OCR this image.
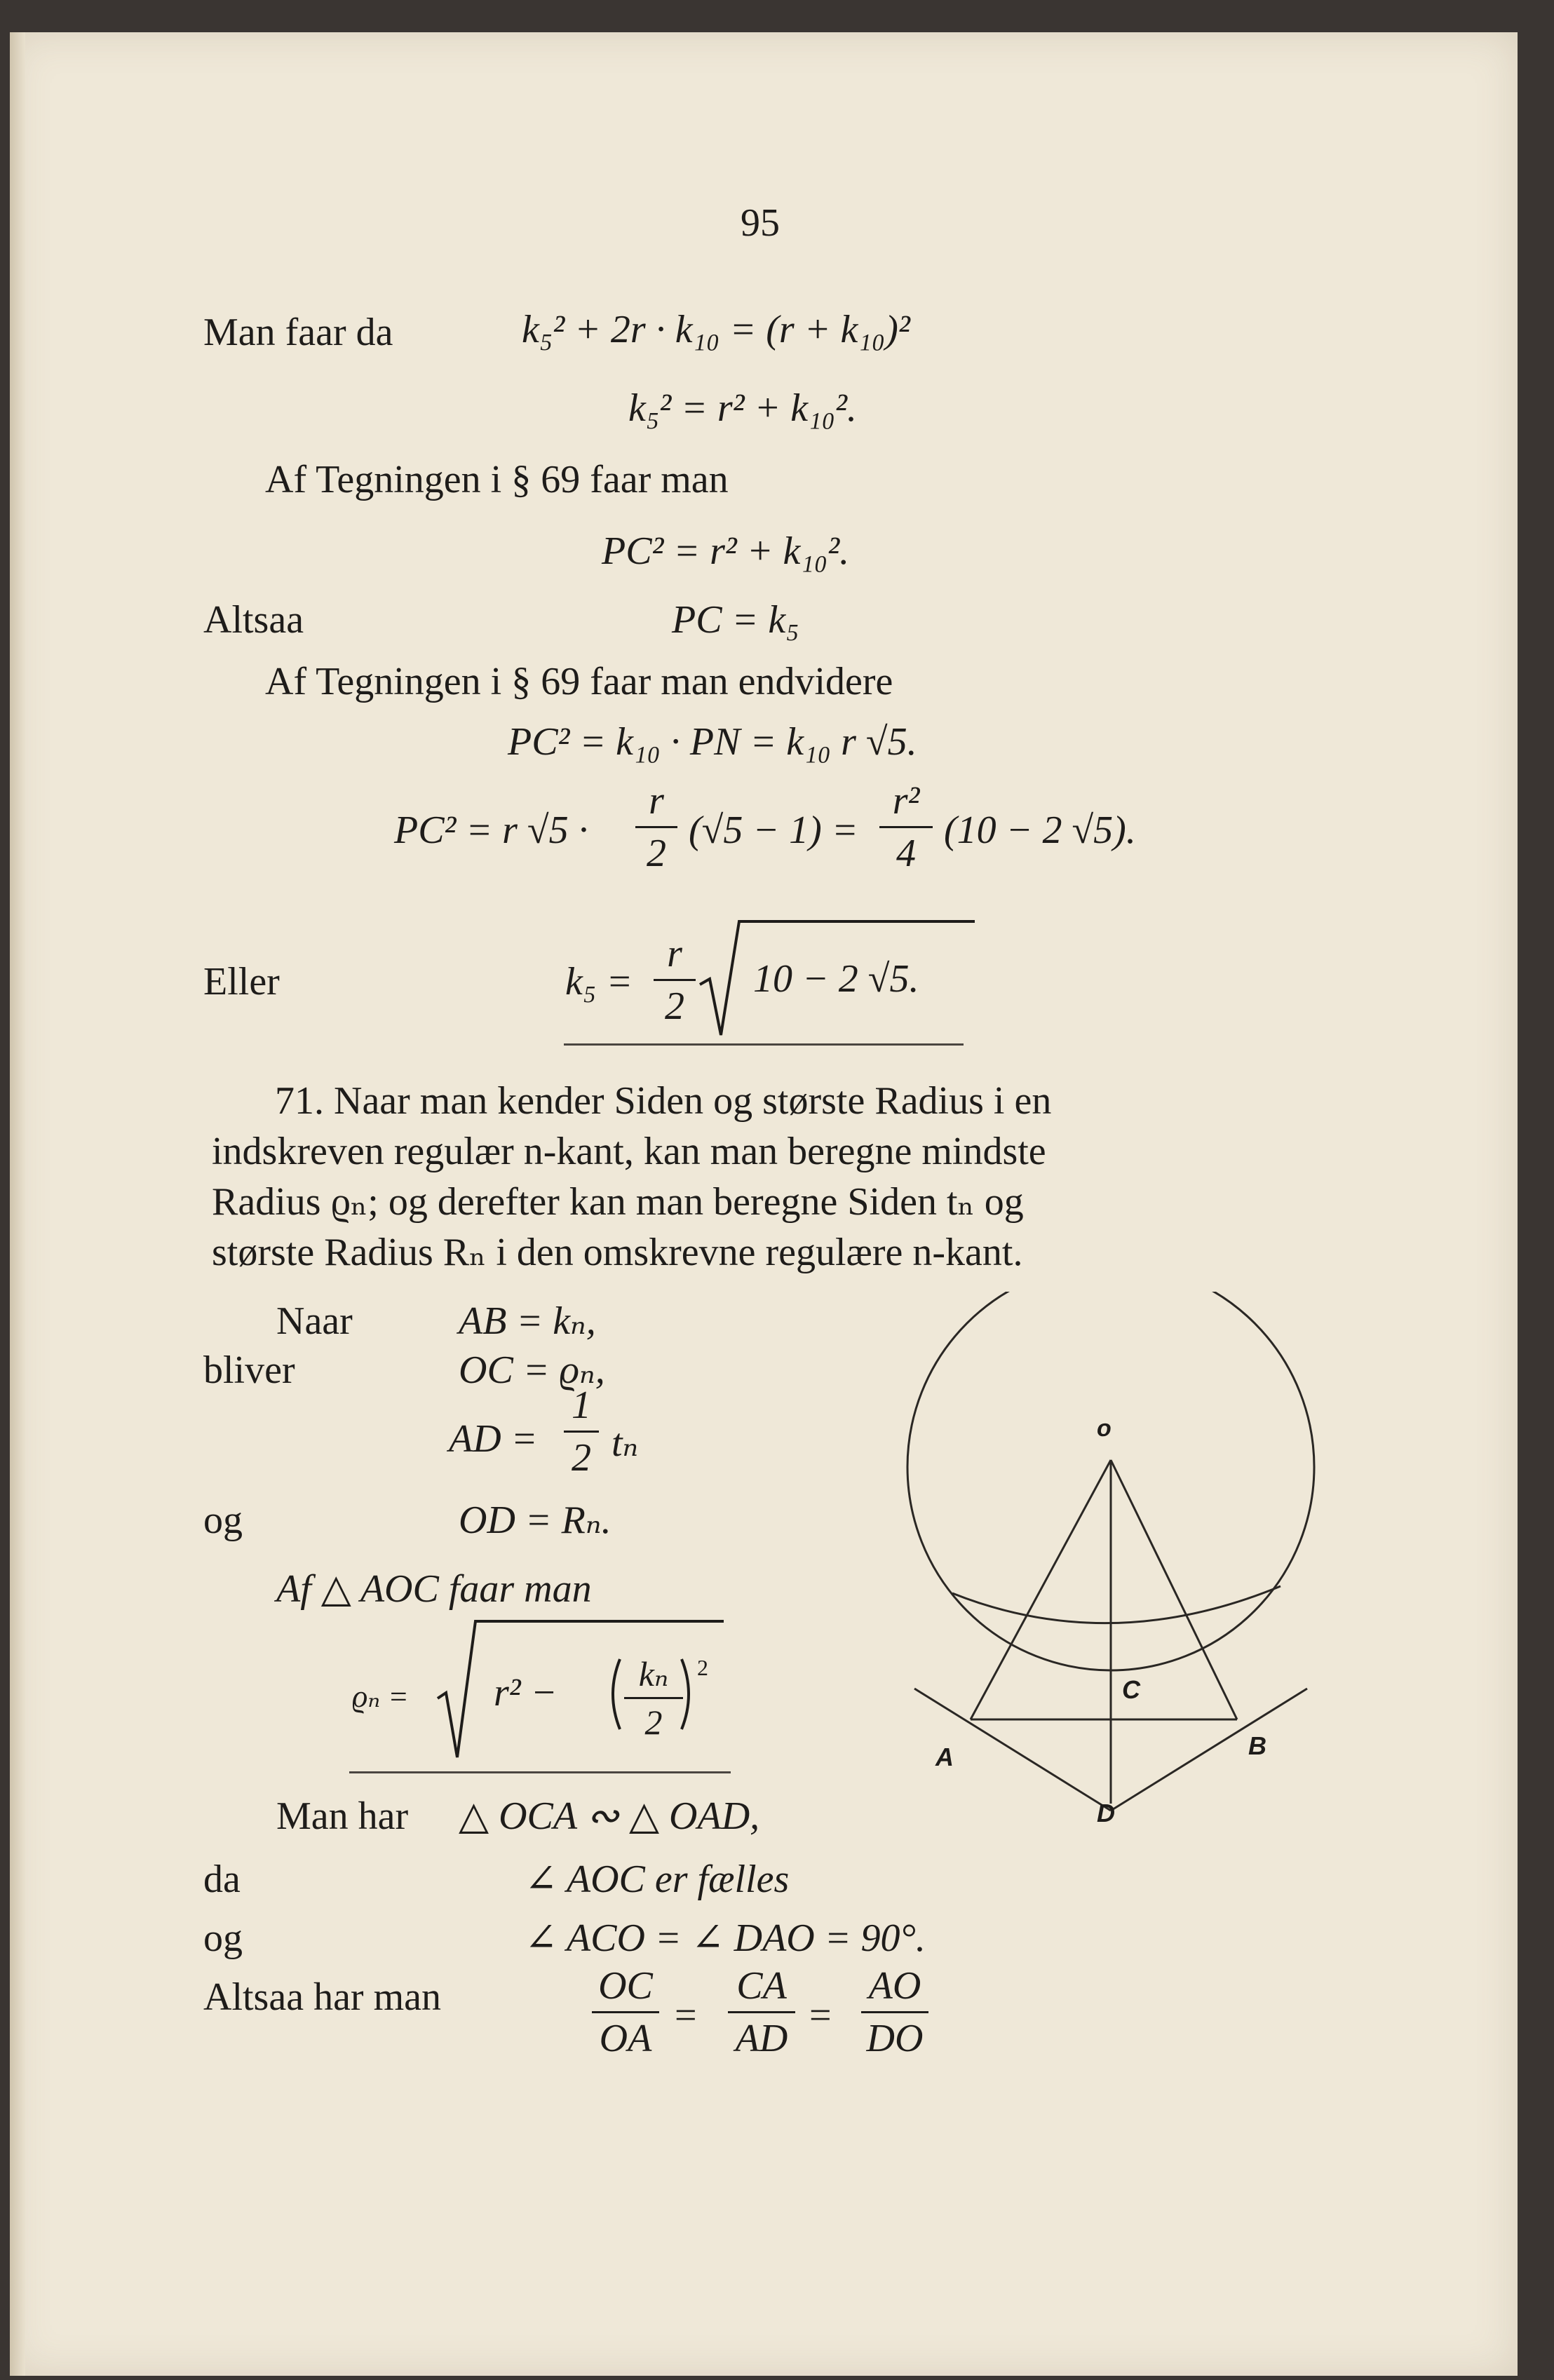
95
Man faar da	k₅² + 2r · k₁₀ = (r + k₁₀)²
k₅² = r² + k₁₀².
Af Tegningen i § 69 faar man
PC² = r² + k₁₀².
Altsaa	PC = k₅
Af Tegningen i § 69 faar man endvidere
PC² = k₁₀ · PN = k₁₀ r √5.
PC² = r √5 ·
r
2
(√5 − 1) =
r²
4
(10 − 2 √5).
Eller	k₅ =
r
2
10 − 2 √5.
71. Naar man kender Siden og største Radius i en
indskreven regulær n-kant, kan man beregne mindste
Radius ϱₙ; og derefter kan man beregne Siden tₙ og
største Radius Rₙ i den omskrevne regulære n-kant.
Naar	AB = kₙ,
bliver	OC = ϱₙ,
AD =
1
2 tₙ
og	OD = Rₙ.
Af △ AOC faar man
ϱₙ = r² −	kₙ
2
2
Man har △ OCA ∾ △ OAD,
da	∠ AOC er fælles
og	∠ ACO = ∠ DAO = 90°.
Altsaa har man	OC
OA
=
CA
AD
=
AO
DO
o
C
A	B
D
